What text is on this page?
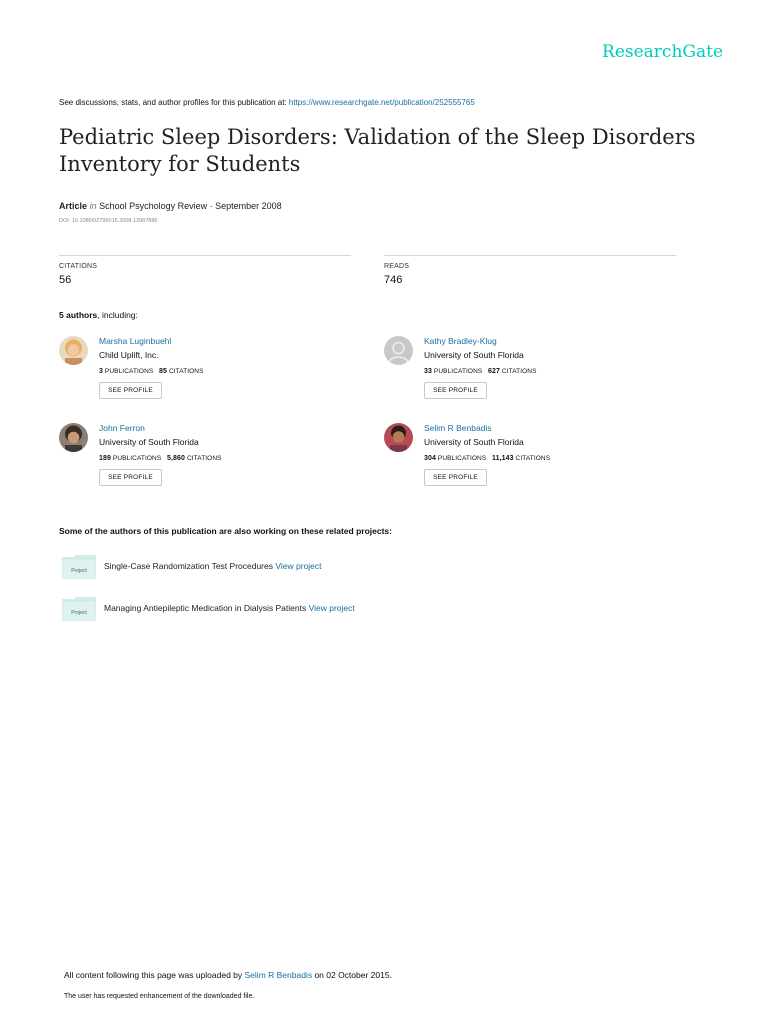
ResearchGate
See discussions, stats, and author profiles for this publication at: https://www.researchgate.net/publication/252555765
Pediatric Sleep Disorders: Validation of the Sleep Disorders Inventory for Students
Article in School Psychology Review · September 2008
DOI: 10.1080/02796015.2008.12087886
CITATIONS
56
READS
746
5 authors, including:
Marsha Luginbuehl
Child Uplift, Inc.
3 PUBLICATIONS 85 CITATIONS
SEE PROFILE
Kathy Bradley-Klug
University of South Florida
33 PUBLICATIONS 627 CITATIONS
SEE PROFILE
John Ferron
University of South Florida
189 PUBLICATIONS 5,860 CITATIONS
SEE PROFILE
Selim R Benbadis
University of South Florida
304 PUBLICATIONS 11,143 CITATIONS
SEE PROFILE
Some of the authors of this publication are also working on these related projects:
Project Single-Case Randomization Test Procedures View project
Project Managing Antiepileptic Medication in Dialysis Patients View project
All content following this page was uploaded by Selim R Benbadis on 02 October 2015.
The user has requested enhancement of the downloaded file.
